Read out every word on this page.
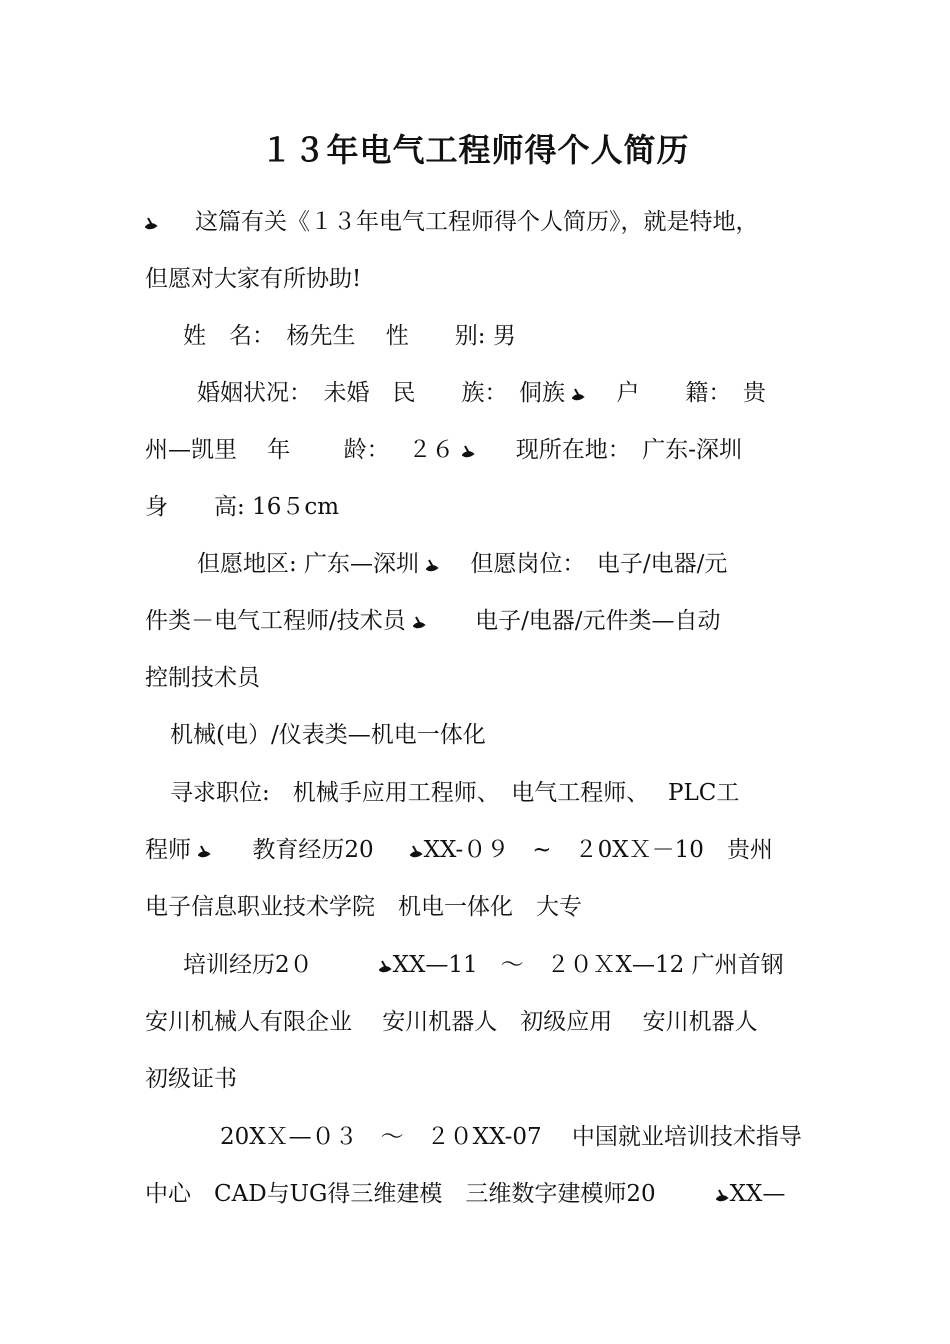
１３年电气工程师得个人简历
这篇有关《１３年电气工程师得个人简历》，就是特地，
但愿对大家有所协助!
姓　名：　杨先生　 性　　别: 男
婚姻状况：　未婚　民　　族：　侗族 户　　籍：　贵
州—凯里　 年　　 龄：　 ２６	现所在地：　广东-深圳
身　　高: 16５cm
但愿地区: 广东—深圳 但愿岗位：　电子/电器/元
件类－电气工程师/技术员	电子/电器/元件类—自动
控制技术员
机械(电）/仪表类—机电一体化
寻求职位:　机械手应用工程师、　电气工程师、　 PLC工
程师	教育经历20 XX-０９　~　２0XＸ－10　贵州
电子信息职业技术学院　机电一体化　大专
培训经历2０	XX—11　～　２０ＸX—12 广州首钢
安川机械人有限企业　 安川机器人　初级应用　 安川机器人
初级证书
20XＸ—０３　～　２０XX-07　 中国就业培训技术指导
中心　CAD与UG得三维建模　三维数字建模师20	XX—
